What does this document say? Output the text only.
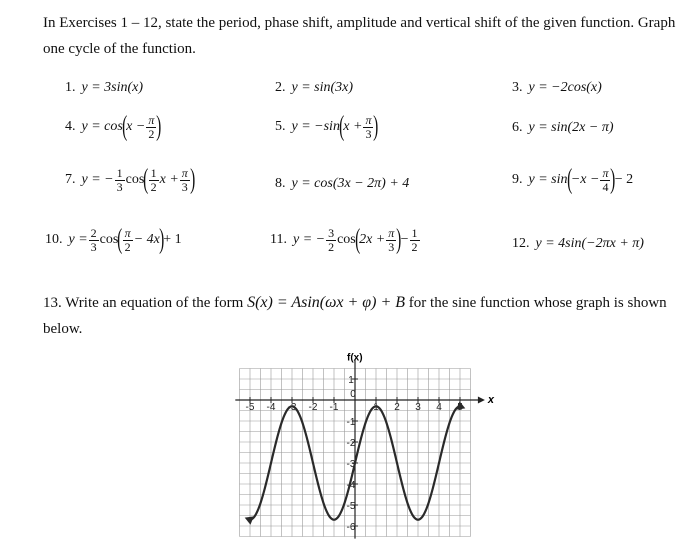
In Exercises 1 – 12, state the period, phase shift, amplitude and vertical shift of the given function. Graph one cycle of the function.
1. y = 3sin(x)	2. y = sin(3x)	3. y = −2cos(x)
4. y = cos ( $x - \frac{\pi}{2}$ )	5. y = −sin ( $x + \frac{\pi}{3}$ )	6. y = sin(2x − π)
7. y = − $\frac{1}{3}$ cos ( $\frac{1}{2}$ $x + \frac{\pi}{3}$ )	8. y = cos(3x − 2π) + 4	9. y = sin ( $-x - \frac{\pi}{4}$ ) − 2
10. $y = \frac{2}{3}$ cos ( $\frac{\pi}{2} - 4x$ ) + 1	11. y = − $\frac{3}{2}$ cos ( $2x + \frac{\pi}{3}$ ) − $\frac{1}{2}$	12. y = 4sin(−2πx + π)
13. Write an equation of the form S(x) = Asin(ωx + φ) + B for the sine function whose graph is shown below.
-5 -4 -3 -2 -1
0
1 2 3 4
1
-1
-2
-3
-4
-5
-6
f(x)
x
